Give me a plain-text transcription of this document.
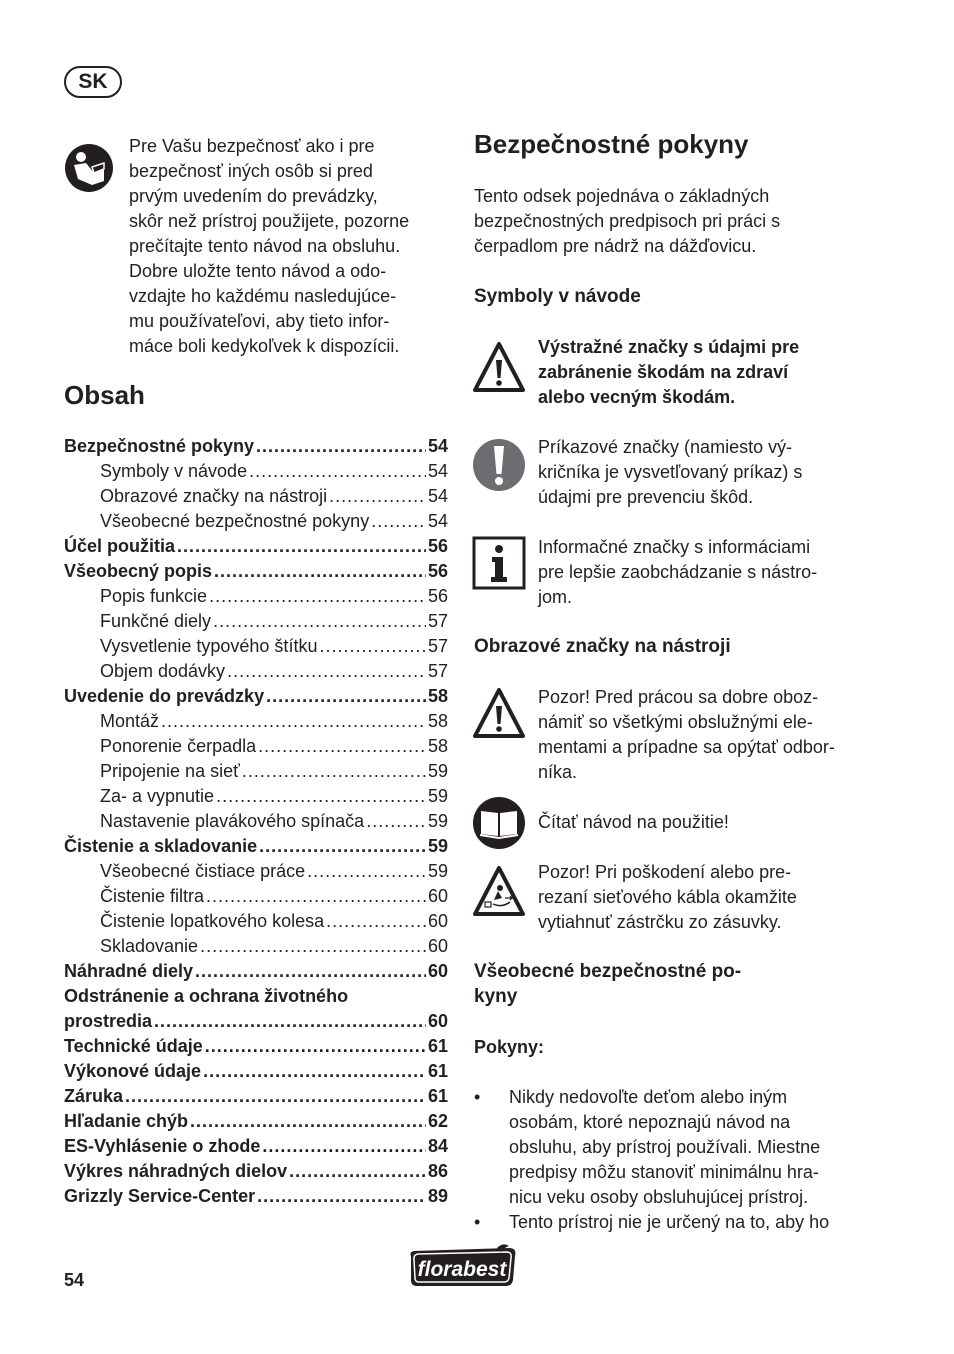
SK
Pre Vašu bezpečnosť ako i pre
bezpečnosť iných osôb si pred
prvým uvedením do prevádzky,
skôr než prístroj použijete, pozorne
prečítajte tento návod na obsluhu.
Dobre uložte tento návod a odo-
vzdajte ho každému nasledujúce-
mu používateľovi, aby tieto infor-
máce boli kedykoľvek k dispozícii.
Obsah
Bezpečnostné pokyny .....	54
Symboly v návode .....	54
Obrazové značky na nástroji .....	54
Všeobecné bezpečnostné pokyny .....	54
Účel použitia .....	56
Všeobecný popis .....	56
Popis funkcie .....	56
Funkčné diely .....	57
Vysvetlenie typového štítku .....	57
Objem dodávky .....	57
Uvedenie do prevádzky .....	58
Montáž .....	58
Ponorenie čerpadla .....	58
Pripojenie na sieť .....	59
Za- a vypnutie .....	59
Nastavenie plavákového spínača .....	59
Čistenie a skladovanie .....	59
Všeobecné čistiace práce .....	59
Čistenie filtra .....	60
Čistenie lopatkového kolesa .....	60
Skladovanie .....	60
Náhradné diely .....	60
Odstránenie a ochrana životného
prostredia .....	60
Technické údaje .....	61
Výkonové údaje .....	61
Záruka .....	61
Hľadanie chýb .....	62
ES-Vyhlásenie o zhode .....	84
Výkres náhradných dielov .....	86
Grizzly Service-Center .....	89
Bezpečnostné pokyny
Tento odsek pojednáva o základných
bezpečnostných predpisoch pri práci s
čerpadlom pre nádrž na dážďovicu.
Symboly v návode
Výstražné značky s údajmi pre
zabránenie škodám na zdraví
alebo vecným škodám.
Príkazové značky (namiesto vý-
kričníka je vysvetľovaný príkaz) s
údajmi pre prevenciu škôd.
Informačné značky s informáciami
pre lepšie zaobchádzanie s nástro-
jom.
Obrazové značky na nástroji
Pozor! Pred prácou sa dobre oboz-
námiť so všetkými obslužnými ele-
mentami a prípadne sa opýtať odbor-
níka.
Čítať návod na použitie!
Pozor! Pri poškodení alebo pre-
rezaní sieťového kábla okamžite
vytiahnuť zástrčku zo zásuvky.
Všeobecné bezpečnostné po-
kyny
Pokyny:
• Nikdy nedovoľte deťom alebo iným
osobám, ktoré nepoznajú návod na
obsluhu, aby prístroj používali. Miestne
predpisy môžu stanoviť minimálnu hra-
nicu veku osoby obsluhujúcej prístroj.
• Tento prístroj nie je určený na to, aby ho
54	florabest
